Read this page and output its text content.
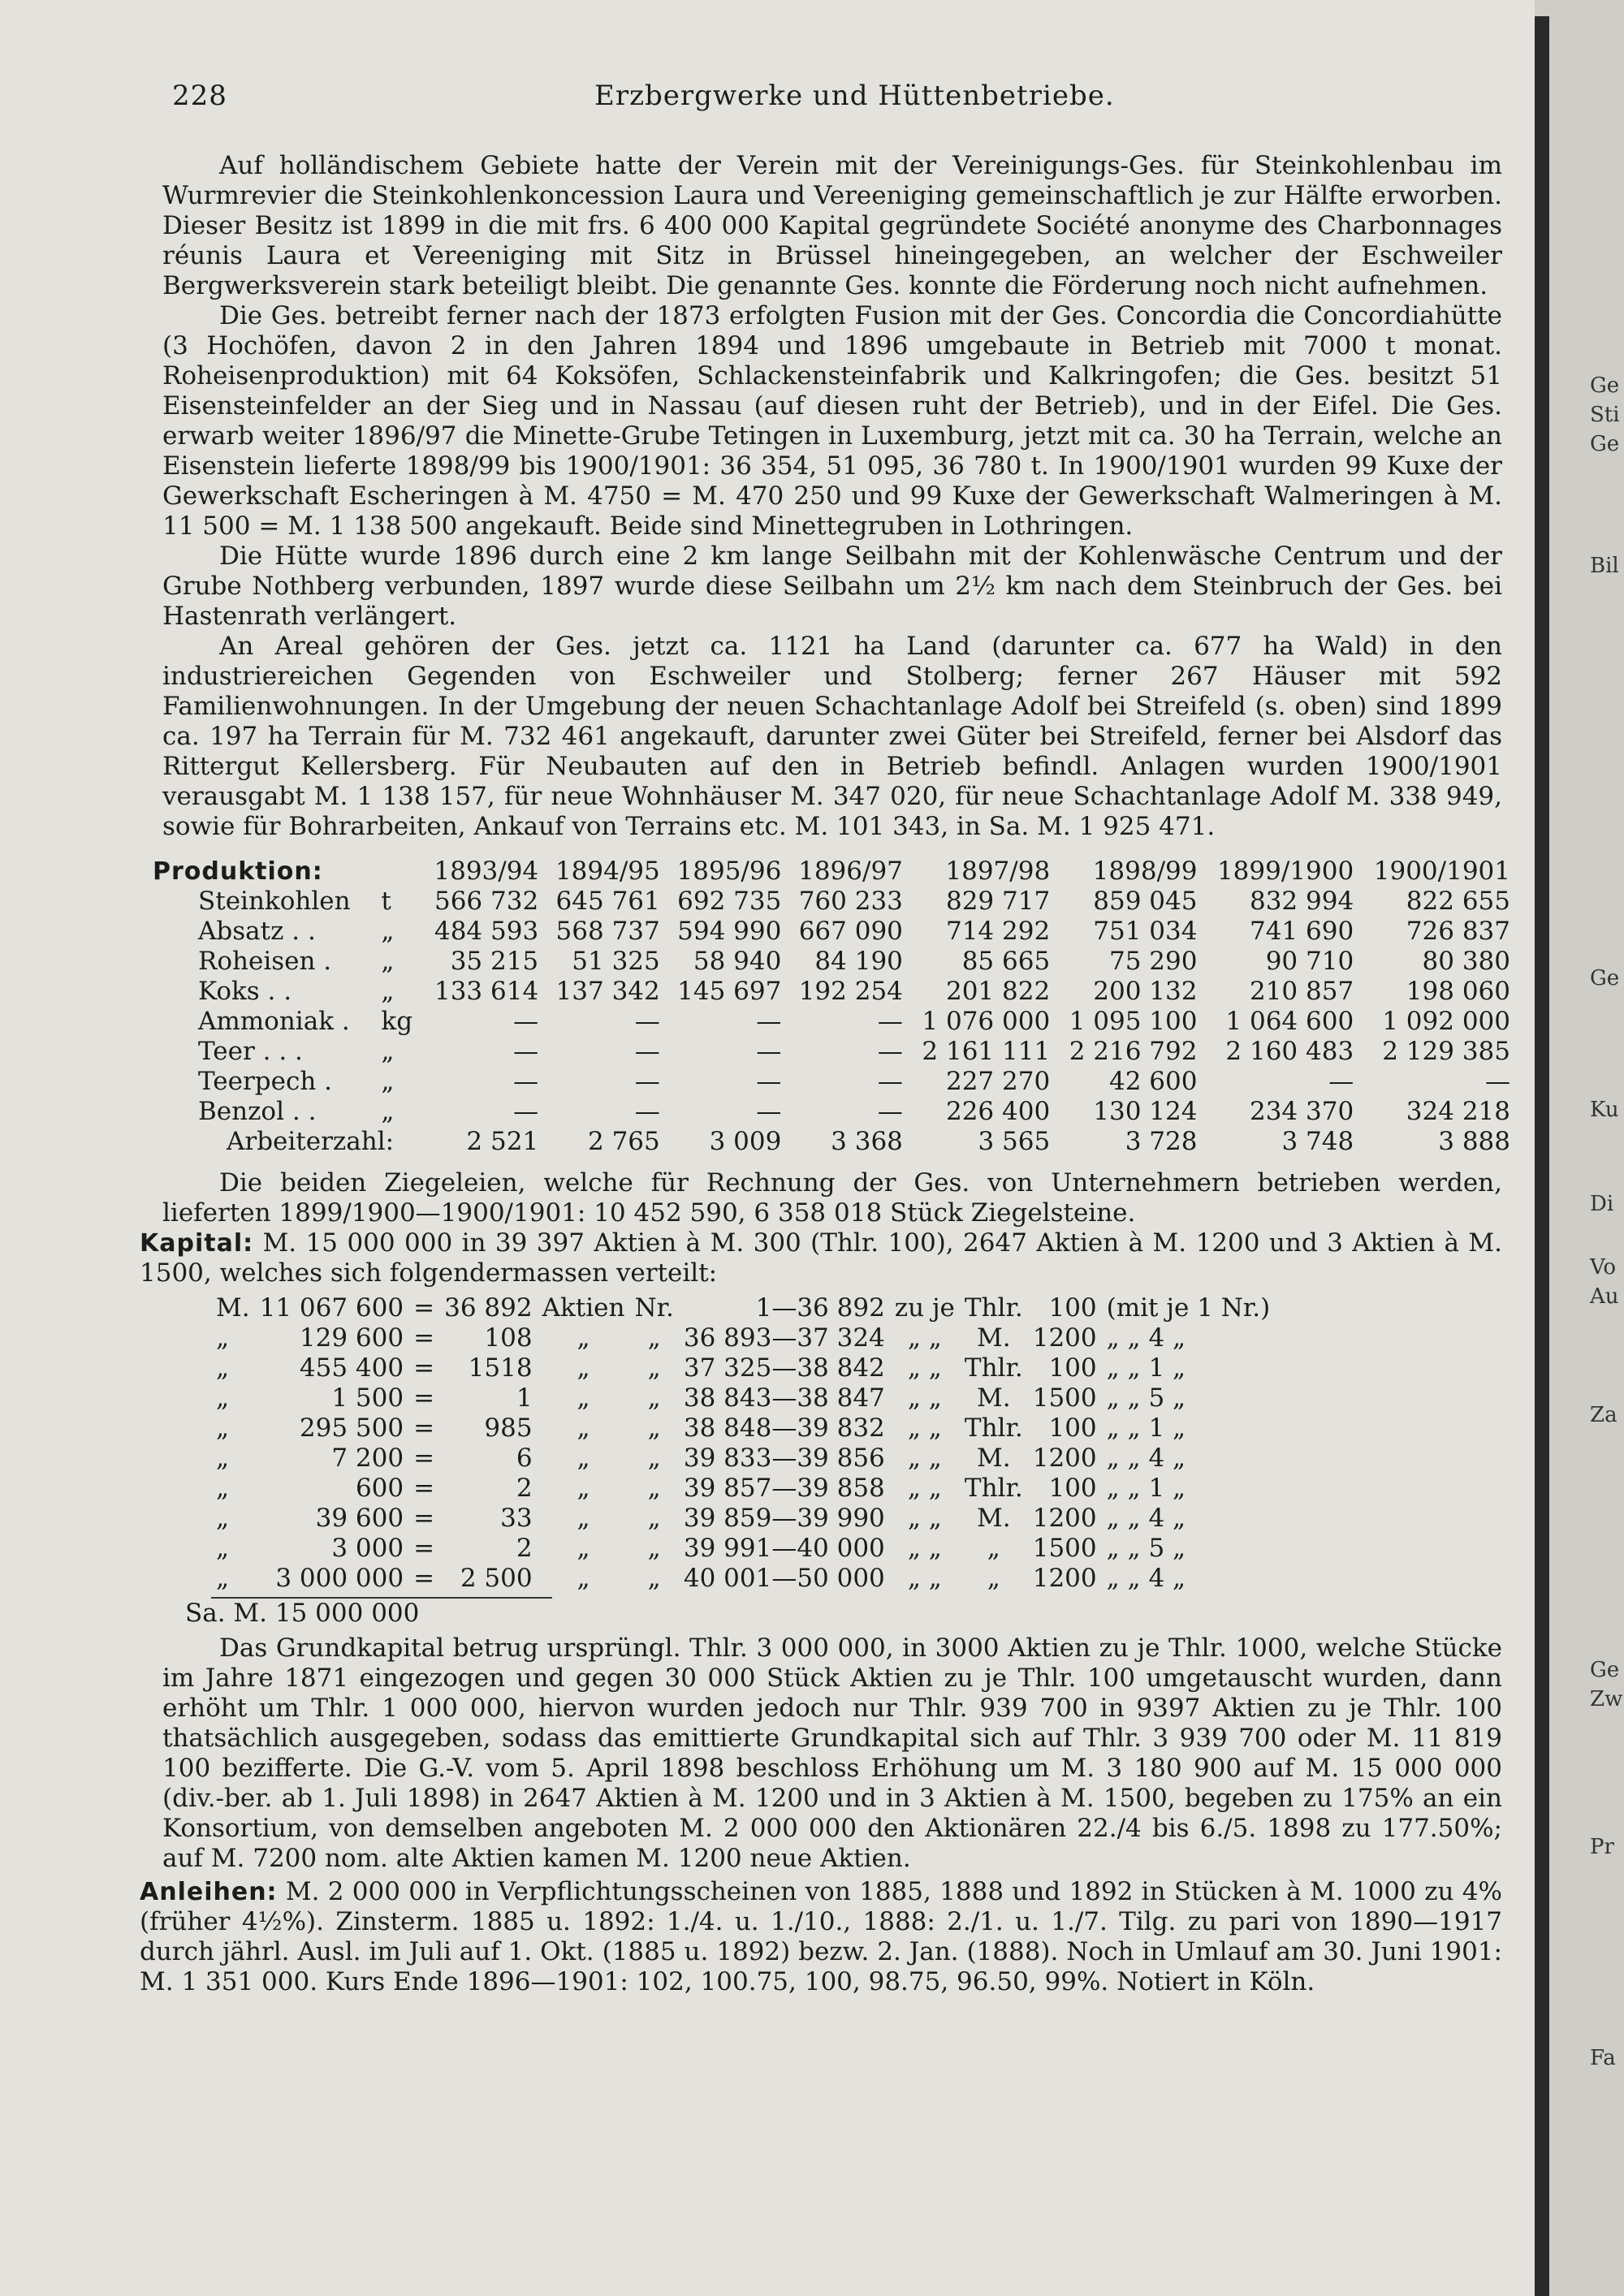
228	Erzbergwerke und Hüttenbetriebe.

Auf holländischem Gebiete hatte der Verein mit der Vereinigungs-Ges. für Steinkohlenbau im Wurmrevier die Steinkohlenkoncession Laura und Vereeniging gemeinschaftlich je zur Hälfte erworben. Dieser Besitz ist 1899 in die mit frs. 6 400 000 Kapital gegründete Société anonyme des Charbonnages réunis Laura et Vereeniging mit Sitz in Brüssel hineingegeben, an welcher der Eschweiler Bergwerksverein stark beteiligt bleibt. Die genannte Ges. konnte die Förderung noch nicht aufnehmen.

Die Ges. betreibt ferner nach der 1873 erfolgten Fusion mit der Ges. Concordia die Concordiahütte (3 Hochöfen, davon 2 in den Jahren 1894 und 1896 umgebaute in Betrieb mit 7000 t monat. Roheisenproduktion) mit 64 Koksöfen, Schlackensteinfabrik und Kalkringofen; die Ges. besitzt 51 Eisensteinfelder an der Sieg und in Nassau (auf diesen ruht der Betrieb), und in der Eifel. Die Ges. erwarb weiter 1896/97 die Minette-Grube Tetingen in Luxemburg, jetzt mit ca. 30 ha Terrain, welche an Eisenstein lieferte 1898/99 bis 1900/1901: 36 354, 51 095, 36 780 t. In 1900/1901 wurden 99 Kuxe der Gewerkschaft Escheringen à M. 4750 = M. 470 250 und 99 Kuxe der Gewerkschaft Walmeringen à M. 11 500 = M. 1 138 500 angekauft. Beide sind Minettegruben in Lothringen.

Die Hütte wurde 1896 durch eine 2 km lange Seilbahn mit der Kohlenwäsche Centrum und der Grube Nothberg verbunden, 1897 wurde diese Seilbahn um 2½ km nach dem Steinbruch der Ges. bei Hastenrath verlängert.

An Areal gehören der Ges. jetzt ca. 1121 ha Land (darunter ca. 677 ha Wald) in den industriereichen Gegenden von Eschweiler und Stolberg; ferner 267 Häuser mit 592 Familienwohnungen. In der Umgebung der neuen Schachtanlage Adolf bei Streifeld (s. oben) sind 1899 ca. 197 ha Terrain für M. 732 461 angekauft, darunter zwei Güter bei Streifeld, ferner bei Alsdorf das Rittergut Kellersberg. Für Neubauten auf den in Betrieb befindl. Anlagen wurden 1900/1901 verausgabt M. 1 138 157, für neue Wohnhäuser M. 347 020, für neue Schachtanlage Adolf M. 338 949, sowie für Bohrarbeiten, Ankauf von Terrains etc. M. 101 343, in Sa. M. 1 925 471.

Produktion:		1893/94	1894/95	1895/96	1896/97	1897/98	1898/99	1899/1900	1900/1901
Steinkohlen	t	566 732	645 761	692 735	760 233	829 717	859 045	832 994	822 655
Absatz . .	„	484 593	568 737	594 990	667 090	714 292	751 034	741 690	726 837
Roheisen .	„	35 215	51 325	58 940	84 190	85 665	75 290	90 710	80 380
Koks . .	„	133 614	137 342	145 697	192 254	201 822	200 132	210 857	198 060
Ammoniak .	kg	—	—	—	—	1 076 000	1 095 100	1 064 600	1 092 000
Teer . . .	„	—	—	—	—	2 161 111	2 216 792	2 160 483	2 129 385
Teerpech .	„	—	—	—	—	227 270	42 600	—	—
Benzol . .	„	—	—	—	—	226 400	130 124	234 370	324 218
Arbeiterzahl:		2 521	2 765	3 009	3 368	3 565	3 728	3 748	3 888

Die beiden Ziegeleien, welche für Rechnung der Ges. von Unternehmern betrieben werden, lieferten 1899/1900—1900/1901: 10 452 590, 6 358 018 Stück Ziegelsteine.

Kapital: M. 15 000 000 in 39 397 Aktien à M. 300 (Thlr. 100), 2647 Aktien à M. 1200 und 3 Aktien à M. 1500, welches sich folgendermassen verteilt:

M.	11 067 600	=	36 892	Aktien	Nr.	1—36 892	zu je	Thlr.	100	(mit je 1 Nr.)
„	129 600	=	108	„	„	36 893—37 324	„ „	M.	1200	„ „ 4 „
„	455 400	=	1518	„	„	37 325—38 842	„ „	Thlr.	100	„ „ 1 „
„	1 500	=	1	„	„	38 843—38 847	„ „	M.	1500	„ „ 5 „
„	295 500	=	985	„	„	38 848—39 832	„ „	Thlr.	100	„ „ 1 „
„	7 200	=	6	„	„	39 833—39 856	„ „	M.	1200	„ „ 4 „
„	600	=	2	„	„	39 857—39 858	„ „	Thlr.	100	„ „ 1 „
„	39 600	=	33	„	„	39 859—39 990	„ „	M.	1200	„ „ 4 „
„	3 000	=	2	„	„	39 991—40 000	„ „	„	1500	„ „ 5 „
„	3 000 000	=	2 500	„	„	40 001—50 000	„ „	„	1200	„ „ 4 „
Sa. M. 15 000 000

Das Grundkapital betrug ursprüngl. Thlr. 3 000 000, in 3000 Aktien zu je Thlr. 1000, welche Stücke im Jahre 1871 eingezogen und gegen 30 000 Stück Aktien zu je Thlr. 100 umgetauscht wurden, dann erhöht um Thlr. 1 000 000, hiervon wurden jedoch nur Thlr. 939 700 in 9397 Aktien zu je Thlr. 100 thatsächlich ausgegeben, sodass das emittierte Grundkapital sich auf Thlr. 3 939 700 oder M. 11 819 100 bezifferte. Die G.-V. vom 5. April 1898 beschloss Erhöhung um M. 3 180 900 auf M. 15 000 000 (div.-ber. ab 1. Juli 1898) in 2647 Aktien à M. 1200 und in 3 Aktien à M. 1500, begeben zu 175% an ein Konsortium, von demselben angeboten M. 2 000 000 den Aktionären 22./4 bis 6./5. 1898 zu 177.50%; auf M. 7200 nom. alte Aktien kamen M. 1200 neue Aktien.

Anleihen: M. 2 000 000 in Verpflichtungsscheinen von 1885, 1888 und 1892 in Stücken à M. 1000 zu 4% (früher 4½%). Zinsterm. 1885 u. 1892: 1./4. u. 1./10., 1888: 2./1. u. 1./7. Tilg. zu pari von 1890—1917 durch jährl. Ausl. im Juli auf 1. Okt. (1885 u. 1892) bezw. 2. Jan. (1888). Noch in Umlauf am 30. Juni 1901: M. 1 351 000. Kurs Ende 1896—1901: 102, 100.75, 100, 98.75, 96.50, 99%. Notiert in Köln.

Ge
Sti
Ge
Bil
Ge
Ku
Di
Vo
Au
Za
Ge
Zw
Pr
Fa
